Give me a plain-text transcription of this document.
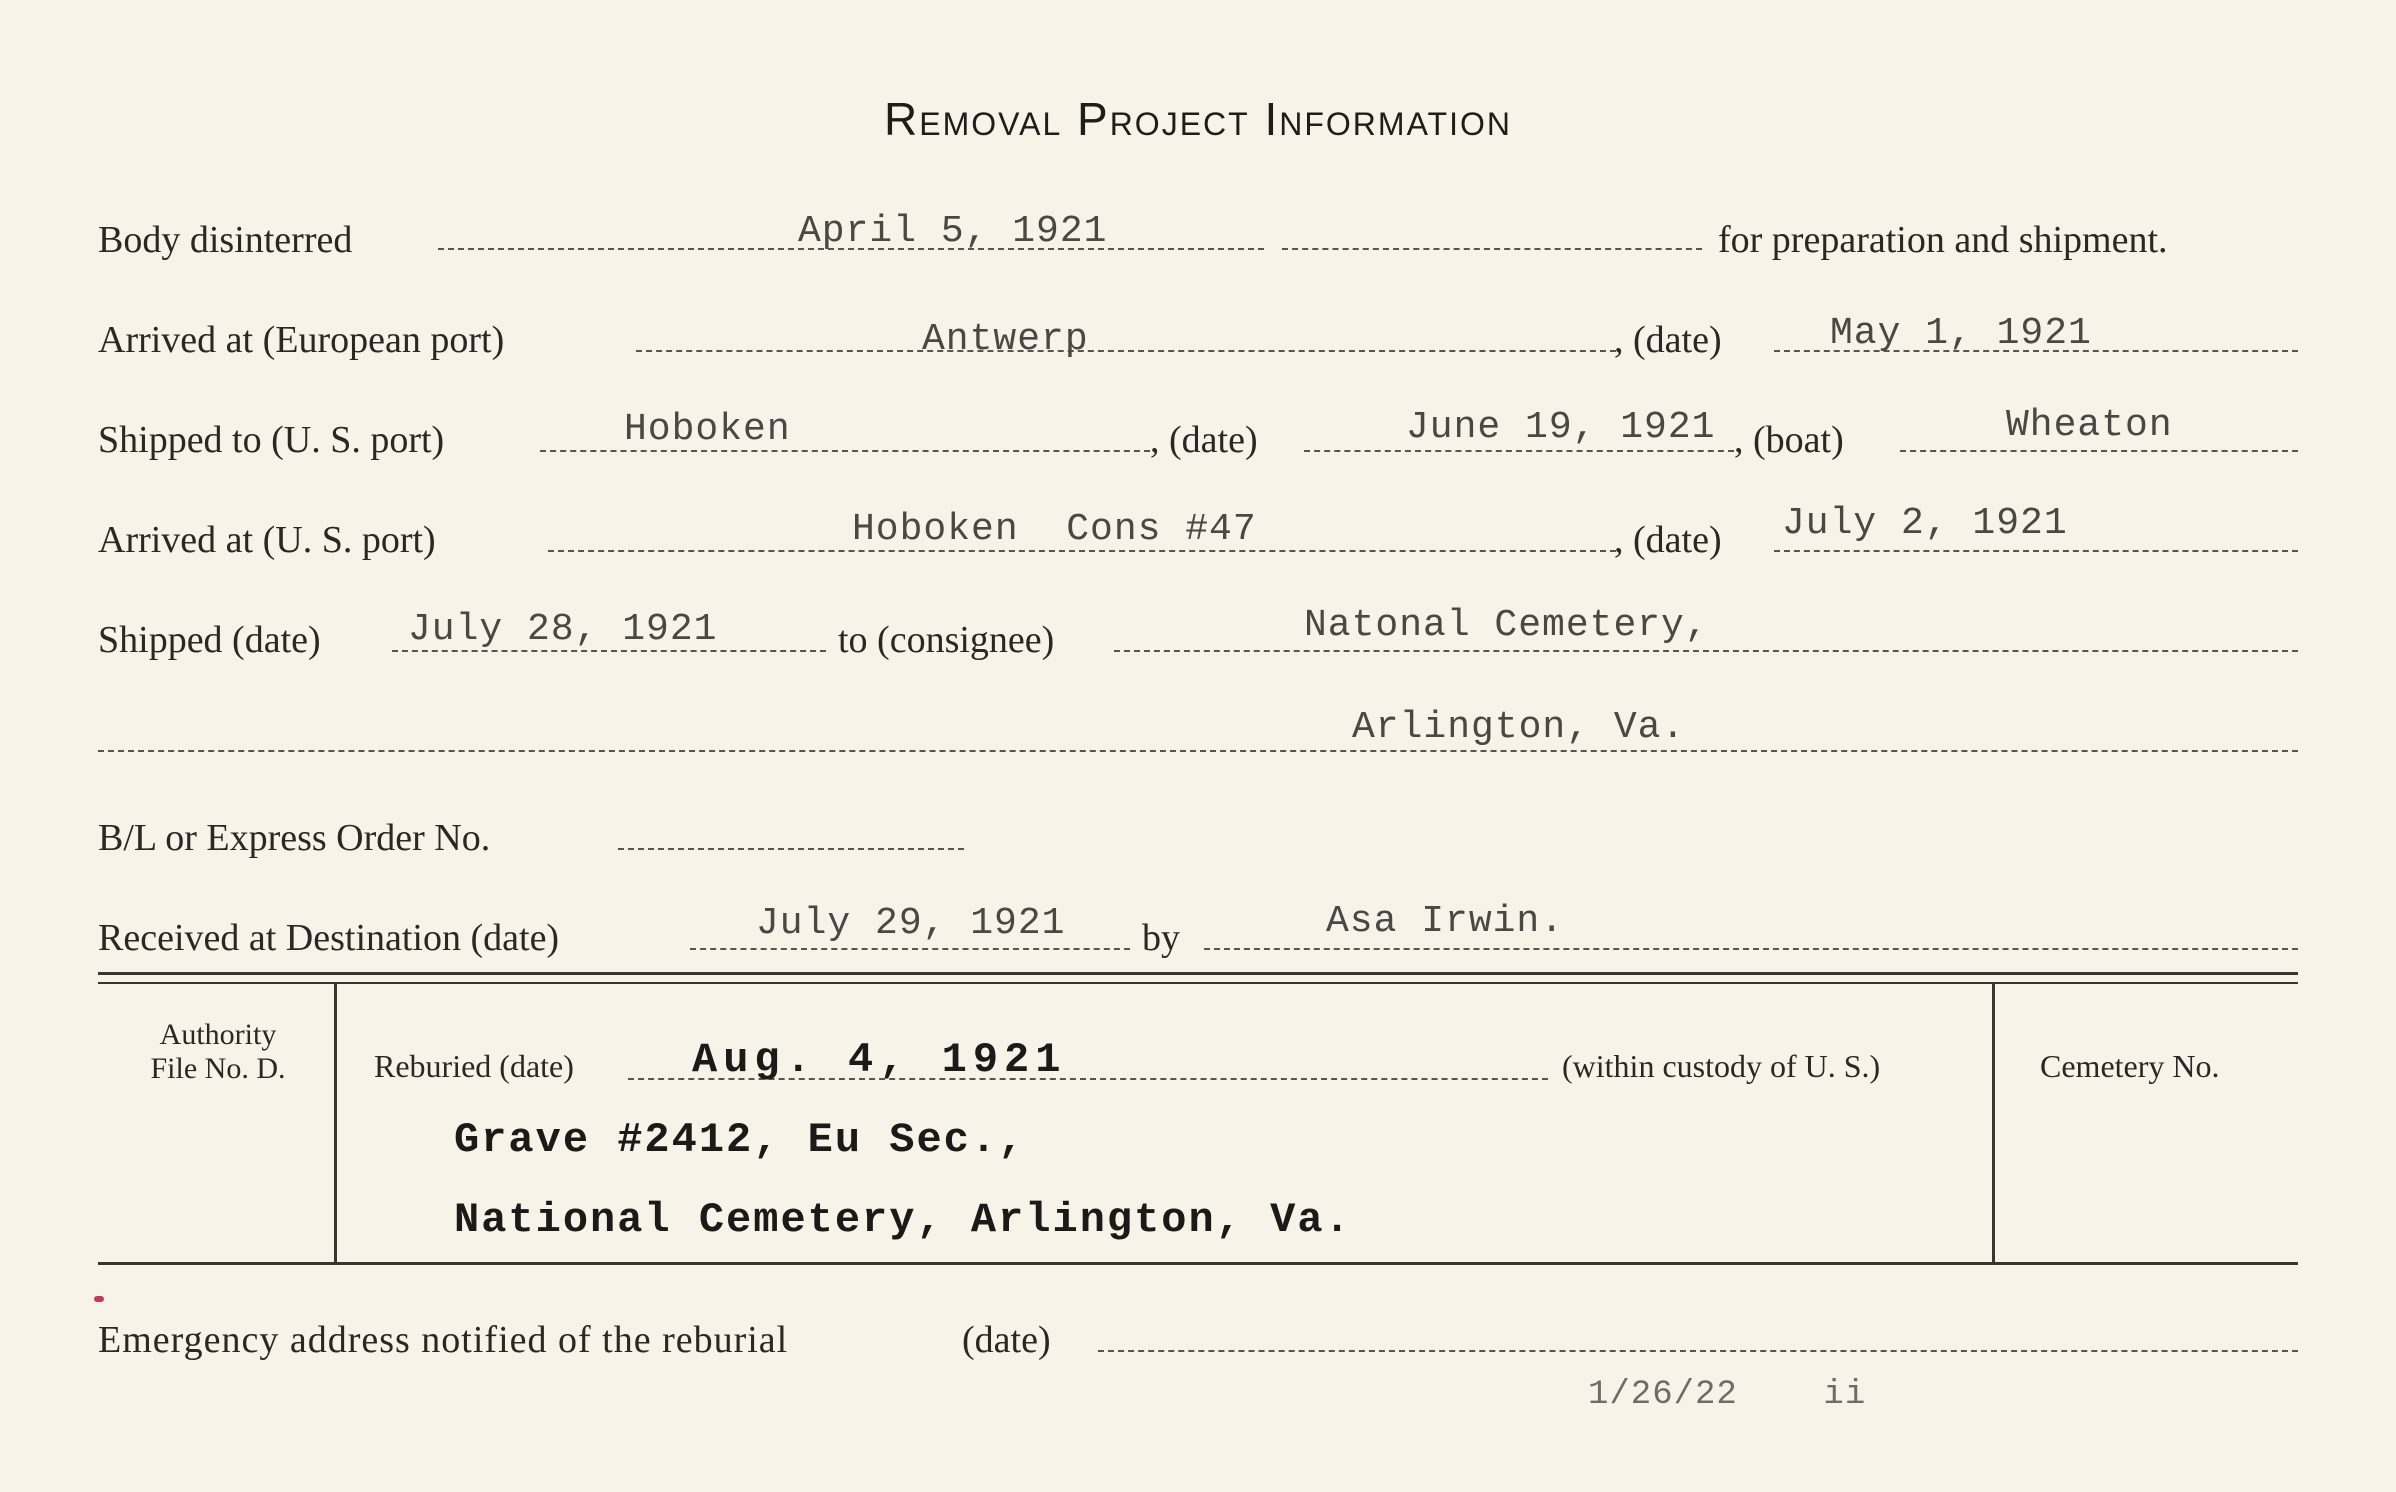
Removal Project Information
Body disinterred	April 5, 1921	for preparation and shipment.
Arrived at (European port)	Antwerp	, (date)	May 1, 1921
Shipped to (U. S. port)	Hoboken	, (date)	June 19, 1921 , (boat)	Wheaton
Arrived at (U. S. port)	Hoboken  Cons #47	, (date) July 2, 1921
Shipped (date) July 28, 1921	to (consignee)	Natonal Cemetery,
Arlington, Va.
B/L or Express Order No.
Received at Destination (date)	July 29, 1921 by	Asa Irwin.
Authority
File No. D.	Reburied (date)	Aug. 4, 1921	(within custody of U. S.)
Grave #2412, Eu Sec.,
National Cemetery, Arlington, Va.
Cemetery No.
Emergency address notified of the reburial	(date)
1/26/22    ii
